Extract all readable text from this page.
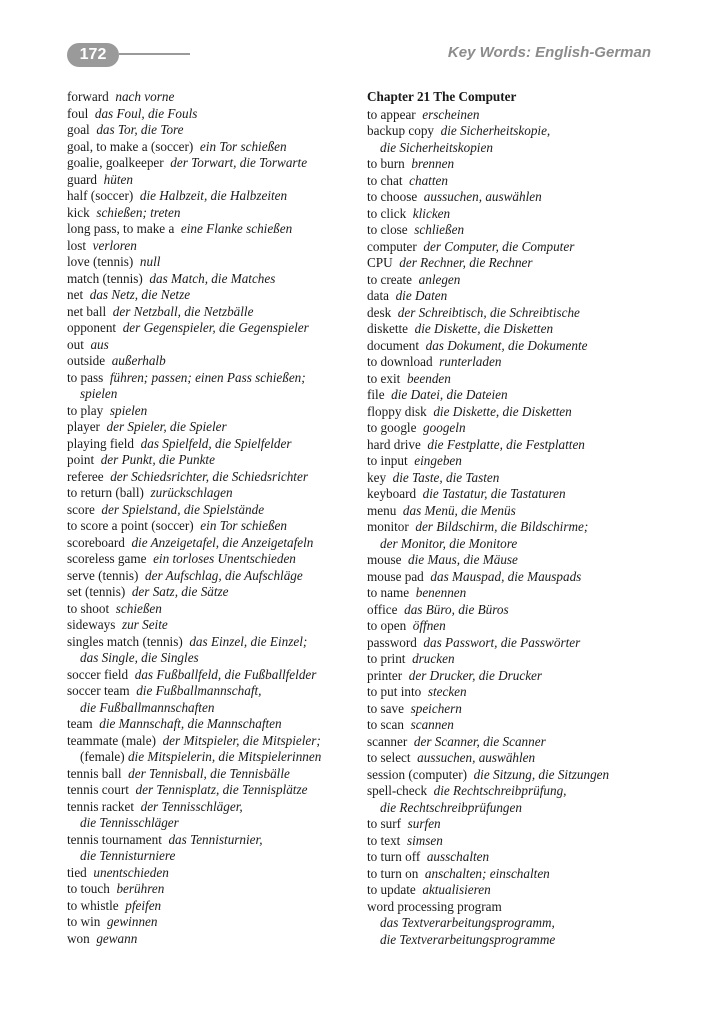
172	Key Words: English-German
forward nach vorne
foul das Foul, die Fouls
goal das Tor, die Tore
goal, to make a (soccer) ein Tor schießen
goalie, goalkeeper der Torwart, die Torwarte
guard hüten
half (soccer) die Halbzeit, die Halbzeiten
kick schießen; treten
long pass, to make a eine Flanke schießen
lost verloren
love (tennis) null
match (tennis) das Match, die Matches
net das Netz, die Netze
net ball der Netzball, die Netzbälle
opponent der Gegenspieler, die Gegenspieler
out aus
outside außerhalb
to pass führen; passen; einen Pass schießen;
spielen
to play spielen
player der Spieler, die Spieler
playing field das Spielfeld, die Spielfelder
point der Punkt, die Punkte
referee der Schiedsrichter, die Schiedsrichter
to return (ball) zurückschlagen
score der Spielstand, die Spielstände
to score a point (soccer) ein Tor schießen
scoreboard die Anzeigetafel, die Anzeigetafeln
scoreless game ein torloses Unentschieden
serve (tennis) der Aufschlag, die Aufschläge
set (tennis) der Satz, die Sätze
to shoot schießen
sideways zur Seite
singles match (tennis) das Einzel, die Einzel;
das Single, die Singles
soccer field das Fußballfeld, die Fußballfelder
soccer team die Fußballmannschaft,
die Fußballmannschaften
team die Mannschaft, die Mannschaften
teammate (male) der Mitspieler, die Mitspieler;
(female) die Mitspielerin, die Mitspielerinnen
tennis ball der Tennisball, die Tennisbälle
tennis court der Tennisplatz, die Tennisplätze
tennis racket der Tennisschläger,
die Tennisschläger
tennis tournament das Tennisturnier,
die Tennisturniere
tied unentschieden
to touch berühren
to whistle pfeifen
to win gewinnen
won gewann
Chapter 21 The Computer
to appear erscheinen
backup copy die Sicherheitskopie,
die Sicherheitskopien
to burn brennen
to chat chatten
to choose aussuchen, auswählen
to click klicken
to close schließen
computer der Computer, die Computer
CPU der Rechner, die Rechner
to create anlegen
data die Daten
desk der Schreibtisch, die Schreibtische
diskette die Diskette, die Disketten
document das Dokument, die Dokumente
to download runterladen
to exit beenden
file die Datei, die Dateien
floppy disk die Diskette, die Disketten
to google googeln
hard drive die Festplatte, die Festplatten
to input eingeben
key die Taste, die Tasten
keyboard die Tastatur, die Tastaturen
menu das Menü, die Menüs
monitor der Bildschirm, die Bildschirme;
der Monitor, die Monitore
mouse die Maus, die Mäuse
mouse pad das Mauspad, die Mauspads
to name benennen
office das Büro, die Büros
to open öffnen
password das Passwort, die Passwörter
to print drucken
printer der Drucker, die Drucker
to put into stecken
to save speichern
to scan scannen
scanner der Scanner, die Scanner
to select aussuchen, auswählen
session (computer) die Sitzung, die Sitzungen
spell-check die Rechtschreibprüfung,
die Rechtschreibprüfungen
to surf surfen
to text simsen
to turn off ausschalten
to turn on anschalten; einschalten
to update aktualisieren
word processing program
das Textverarbeitungsprogramm,
die Textverarbeitungsprogramme
